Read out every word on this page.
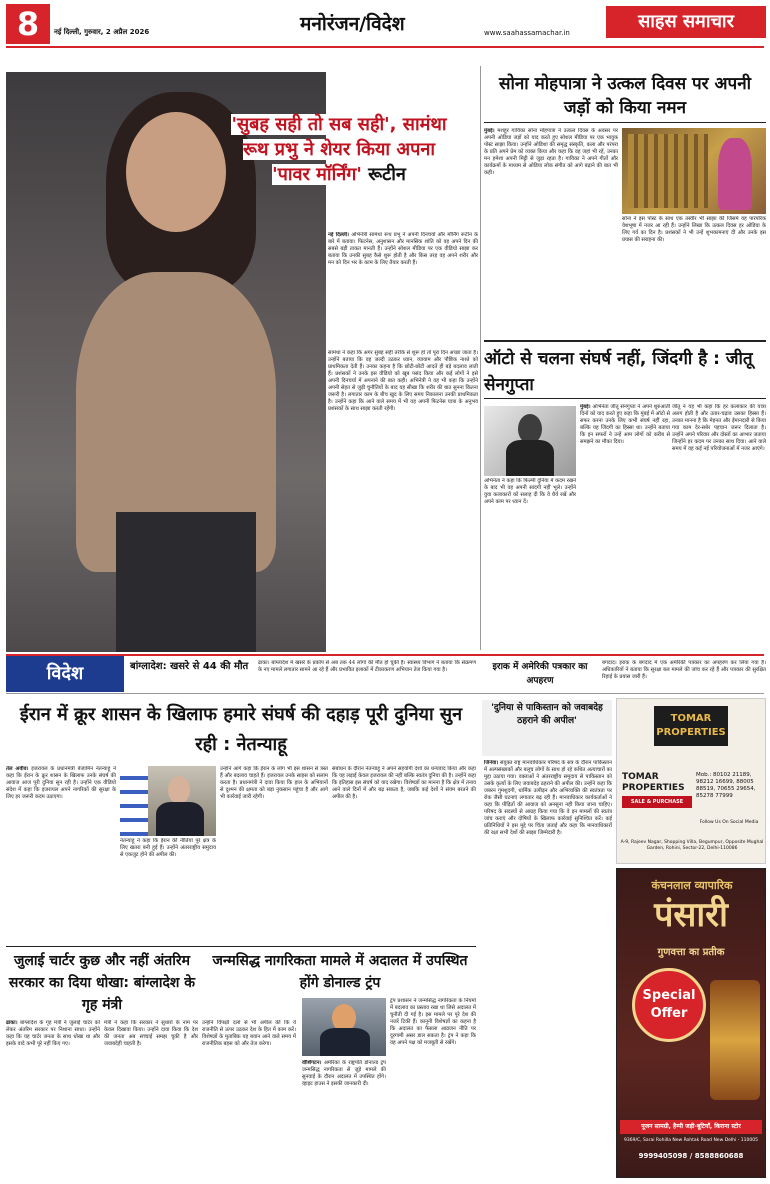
8	नई दिल्ली, गुरुवार, 2 अप्रैल 2026	मनोरंजन/विदेश	www.saahassamachar.in
साहस समाचार
'सुबह सही तो सब सही', सामंथा रूथ प्रभु ने शेयर किया अपना 'पावर मॉर्निंग' रूटीन
नई दिल्ली। अभिनेत्री सामंथा रूथ प्रभु ने अपनी दिनचर्या और मॉर्निंग रूटीन के बारे में बताया। फिटनेस, अनुशासन और मानसिक शांति को वह अपने दिन की सबसे बड़ी ताकत मानती हैं। उन्होंने सोशल मीडिया पर एक वीडियो साझा कर बताया कि उनकी सुबह कैसे शुरू होती है और किस तरह वह अपने शरीर और मन को दिन भर के काम के लिए तैयार करती हैं।
सामंथा ने कहा कि अगर सुबह सही तरीके से शुरू हो तो पूरा दिन अच्छा जाता है। उन्होंने बताया कि वह जल्दी उठकर ध्यान, व्यायाम और पौष्टिक नाश्ते को प्राथमिकता देती हैं। उनका कहना है कि छोटी-छोटी आदतें ही बड़े बदलाव लाती हैं। प्रशंसकों ने उनके इस वीडियो को खूब पसंद किया और कई लोगों ने इसे अपनी दिनचर्या में अपनाने की बात कही। अभिनेत्री ने यह भी कहा कि उन्होंने अपनी सेहत से जुड़ी चुनौतियों के बाद यह सीखा कि शरीर की बात सुनना कितना जरूरी है। लगातार काम के बीच खुद के लिए समय निकालना उनकी प्राथमिकता है। उन्होंने कहा कि आने वाले समय में भी वह अपनी फिटनेस यात्रा के अनुभव प्रशंसकों के साथ साझा करती रहेंगी।
सोना मोहपात्रा ने उत्कल दिवस पर अपनी जड़ों को किया नमन
मुंबई। मशहूर गायिका सोना मोहपात्रा ने उत्कल दिवस के अवसर पर अपनी ओडिया जड़ों को याद करते हुए सोशल मीडिया पर एक भावुक पोस्ट साझा किया। उन्होंने ओडिशा की समृद्ध संस्कृति, कला और परंपरा के प्रति अपने प्रेम को व्यक्त किया और कहा कि वह जहां भी रहें, उनका मन हमेशा अपनी मिट्टी से जुड़ा रहता है। गायिका ने अपने गीतों और कार्यक्रमों के माध्यम से ओडिया लोक संगीत को आगे बढ़ाने की बात भी कही।
सोना ने इस पोस्ट के साथ एक तस्वीर भी साझा की जिसमें वह पारंपरिक वेशभूषा में नजर आ रही हैं। उन्होंने लिखा कि उत्कल दिवस हर ओडिया के लिए गर्व का दिन है। प्रशंसकों ने भी उन्हें शुभकामनाएं दीं और उनके इस प्रयास की सराहना की।
ऑटो से चलना संघर्ष नहीं, जिंदगी है : जीतू सेनगुप्ता
मुंबई। अभिनेता जीतू सेनगुप्ता ने अपने शुरुआती दिनों को याद करते हुए कहा कि मुंबई में ऑटो से सफर करना उनके लिए कभी संघर्ष नहीं रहा, बल्कि यह जिंदगी का हिस्सा था। उन्होंने बताया कि इन सफरों ने उन्हें आम लोगों को करीब से समझने का मौका दिया।
अभिनेता ने कहा कि फिल्मी दुनिया में कदम रखने के बाद भी वह अपनी सादगी नहीं भूले। उन्होंने युवा कलाकारों को सलाह दी कि वे धैर्य रखें और अपने काम पर ध्यान दें।
जीतू ने यह भी कहा कि हर कलाकार की यात्रा अलग होती है और उतार-चढ़ाव उसका हिस्सा हैं। उनका मानना है कि मेहनत और ईमानदारी से किया गया काम देर-सबेर पहचान जरूर दिलाता है। उन्होंने अपने परिवार और दोस्तों का आभार जताया जिन्होंने हर कदम पर उनका साथ दिया। आने वाले समय में वह कई नई परियोजनाओं में नजर आएंगे।
विदेश	बांग्लादेश: खसरे से 44 की मौत	ढाका। बांग्लादेश में खसरे के प्रकोप से अब तक 44 लोगों की मौत हो चुकी है। स्वास्थ्य विभाग ने बताया कि संक्रमण के नए मामले लगातार सामने आ रहे हैं और प्रभावित इलाकों में टीकाकरण अभियान तेज किया गया है।	इराक में अमेरिकी पत्रकार का अपहरण
बगदाद। इराक के बगदाद में एक अमेरिकी पत्रकार का अपहरण कर लिया गया है। अधिकारियों ने बताया कि सुरक्षा बल मामले की जांच कर रहे हैं और पत्रकार की सुरक्षित रिहाई के प्रयास जारी हैं।
ईरान में क्रूर शासन के खिलाफ हमारे संघर्ष की दहाड़ पूरी दुनिया सुन रही : नेतन्याहू
तेल अवीव। इजरायल के प्रधानमंत्री बेंजामिन नेतन्याहू ने कहा कि ईरान के क्रूर शासन के खिलाफ उनके संघर्ष की आवाज आज पूरी दुनिया सुन रही है। उन्होंने एक वीडियो संदेश में कहा कि इजरायल अपने नागरिकों की सुरक्षा के लिए हर जरूरी कदम उठाएगा।
नेतन्याहू ने कहा कि ईरान की नीतियां पूरे क्षेत्र के लिए खतरा बनी हुई हैं। उन्होंने अंतरराष्ट्रीय समुदाय से एकजुट होने की अपील की।
उन्होंने आगे कहा कि ईरान के लोग भी इस शासन से त्रस्त हैं और बदलाव चाहते हैं। इजरायल उनके साहस को सलाम करता है। प्रधानमंत्री ने दावा किया कि हाल के अभियानों से दुश्मन की क्षमता को बड़ा नुकसान पहुंचा है और आगे भी कार्रवाई जारी रहेगी।
संबोधन के दौरान नेतन्याहू ने अपने सहयोगी देशों का धन्यवाद किया और कहा कि यह लड़ाई केवल इजरायल की नहीं बल्कि स्वतंत्र दुनिया की है। उन्होंने कहा कि इतिहास इस संघर्ष को याद रखेगा। विशेषज्ञों का मानना है कि क्षेत्र में तनाव आने वाले दिनों में और बढ़ सकता है, जबकि कई देशों ने संयम बरतने की अपील की है।
'दुनिया से पाकिस्तान को जवाबदेह ठहराने की अपील'
जिनेवा। संयुक्त राष्ट्र मानवाधिकार परिषद के सत्र के दौरान पाकिस्तान में अल्पसंख्यकों और बलूच लोगों के साथ हो रहे कथित अत्याचारों का मुद्दा उठाया गया। वक्ताओं ने अंतरराष्ट्रीय समुदाय से पाकिस्तान को उसके कृत्यों के लिए जवाबदेह ठहराने की अपील की। उन्होंने कहा कि जबरन गुमशुदगी, धार्मिक उत्पीड़न और अभिव्यक्ति की स्वतंत्रता पर रोक जैसी घटनाएं लगातार बढ़ रही हैं। मानवाधिकार कार्यकर्ताओं ने कहा कि पीड़ितों की आवाज को अनसुना नहीं किया जाना चाहिए। परिषद के सदस्यों से आग्रह किया गया कि वे इन मामलों की स्वतंत्र जांच कराएं और दोषियों के खिलाफ कार्रवाई सुनिश्चित करें। कई प्रतिनिधियों ने इस मुद्दे पर चिंता जताई और कहा कि मानवाधिकारों की रक्षा सभी देशों की साझा जिम्मेदारी है।
TOMAR PROPERTIES
TOMAR PROPERTIES
SALE & PURCHASE
Mob.: 80102 21189, 98212 16699, 88005 88519, 70655 29654, 85278 77999
Follow Us On Social Media
A-9, Rajeev Nagar, Shopping Villa, Begumpur, Opposite Mughal Garden, Rohini, Sector-22, Delhi-110086
कंचनलाल व्यापारिक
पंसारी
गुणवत्ता का प्रतीक
Special Offer
पूजन सामग्री, हैम्पी जड़ी-बूटियाँ, किराना स्टोर
9369/C, Sarai Rohilla New Rohtak Road New Delhi - 110005
9999405098 / 8588860688
जुलाई चार्टर कुछ और नहीं अंतरिम सरकार का दिया धोखा: बांग्लादेश के गृह मंत्री
ढाका। बांग्लादेश के गृह मंत्री ने जुलाई चार्टर को लेकर अंतरिम सरकार पर निशाना साधा। उन्होंने कहा कि यह चार्टर जनता के साथ धोखा था और इसके वादे कभी पूरे नहीं किए गए।
मंत्री ने कहा कि सरकार ने सुधारों के नाम पर केवल दिखावा किया। उन्होंने दावा किया कि देश की जनता अब सच्चाई समझ चुकी है और जवाबदेही चाहती है।
उन्होंने विपक्षी दलों से भी अपील की कि वे राजनीति से ऊपर उठकर देश के हित में काम करें। विशेषज्ञों के मुताबिक यह बयान आने वाले समय में राजनीतिक बहस को और तेज करेगा।
जन्मसिद्ध नागरिकता मामले में अदालत में उपस्थित होंगे डोनाल्ड ट्रंप
वॉशिंगटन। अमेरिका के राष्ट्रपति डोनाल्ड ट्रंप जन्मसिद्ध नागरिकता से जुड़े मामले की सुनवाई के दौरान अदालत में उपस्थित होंगे। व्हाइट हाउस ने इसकी जानकारी दी।
ट्रंप प्रशासन ने जन्मसिद्ध नागरिकता के नियमों में बदलाव का प्रस्ताव रखा था जिसे अदालत में चुनौती दी गई है। इस मामले पर पूरे देश की नजरें टिकी हैं। कानूनी विशेषज्ञों का कहना है कि अदालत का फैसला आव्रजन नीति पर दूरगामी असर डाल सकता है। ट्रंप ने कहा कि वह अपने पक्ष को मजबूती से रखेंगे।
